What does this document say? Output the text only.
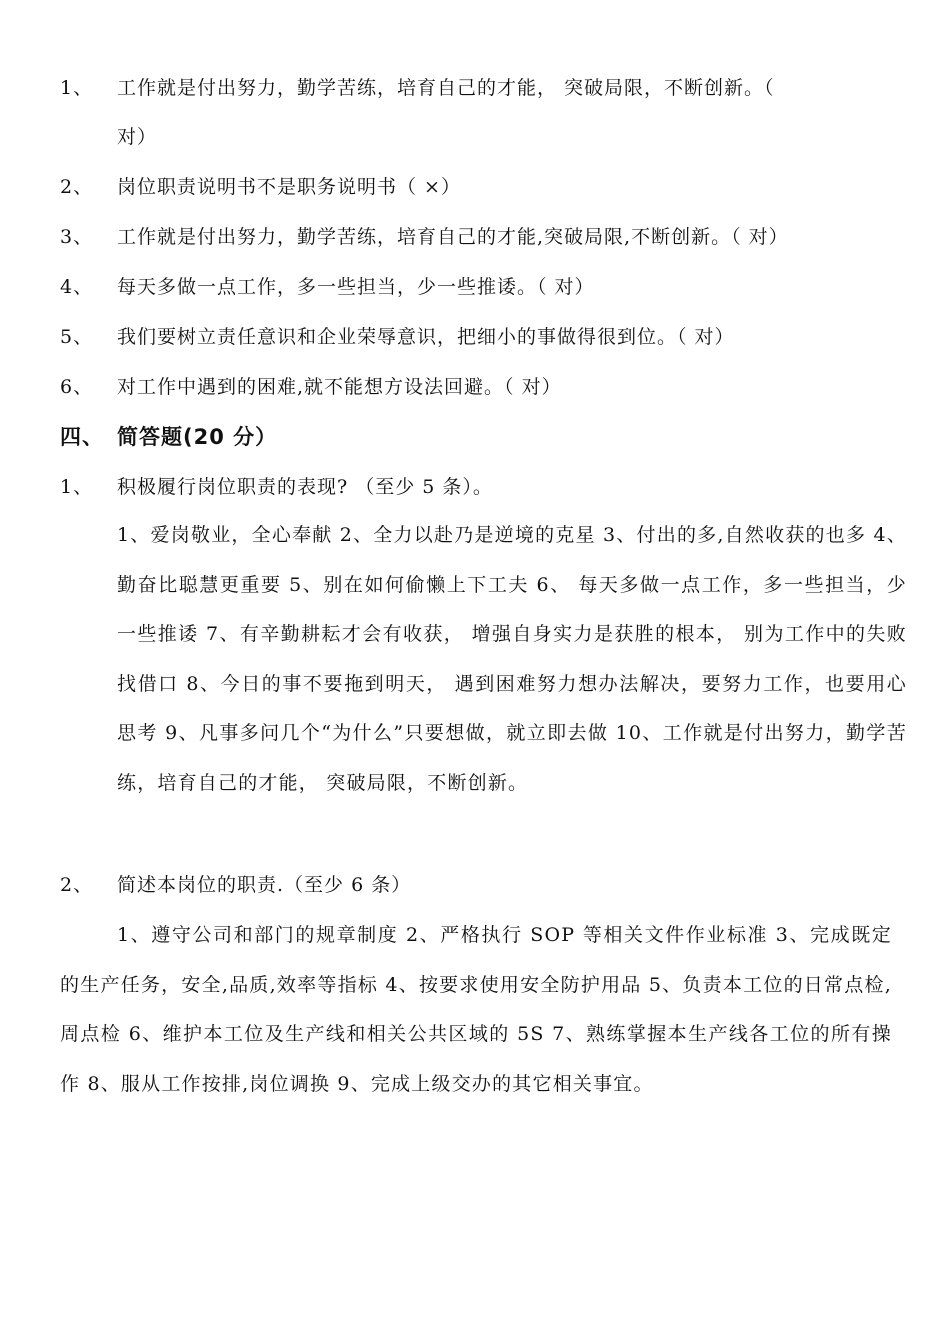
1、 工作就是付出努力，勤学苦练，培育自己的才能， 突破局限，不断创新。（
对）
2、 岗位职责说明书不是职务说明书（ ×）
3、 工作就是付出努力，勤学苦练，培育自己的才能,突破局限,不断创新。（ 对）
4、 每天多做一点工作，多一些担当，少一些推诿。（ 对）
5、 我们要树立责任意识和企业荣辱意识，把细小的事做得很到位。（ 对）
6、 对工作中遇到的困难,就不能想方设法回避。（ 对）
四、 简答题(20 分）
1、 积极履行岗位职责的表现? （至少 5 条）。
1、爱岗敬业，全心奉献 2、全力以赴乃是逆境的克星 3、付出的多,自然收获的也多 4、 勤奋比聪慧更重要 5、别在如何偷懒上下工夫 6、 每天多做一点工作，多一些担当，少一些推诿 7、有辛勤耕耘才会有收获， 增强自身实力是获胜的根本， 别为工作中的失败找借口 8、今日的事不要拖到明天， 遇到困难努力想办法解决，要努力工作，也要用心思考 9、凡事多问几个“为什么”只要想做，就立即去做 10、工作就是付出努力，勤学苦练，培育自己的才能， 突破局限，不断创新。
2、 简述本岗位的职责.（至少 6 条）
1、遵守公司和部门的规章制度 2、严格执行 SOP 等相关文件作业标准 3、完成既定的生产任务，安全,品质,效率等指标 4、按要求使用安全防护用品 5、负责本工位的日常点检,周点检 6、维护本工位及生产线和相关公共区域的 5S 7、熟练掌握本生产线各工位的所有操作 8、服从工作按排,岗位调换 9、完成上级交办的其它相关事宜。
